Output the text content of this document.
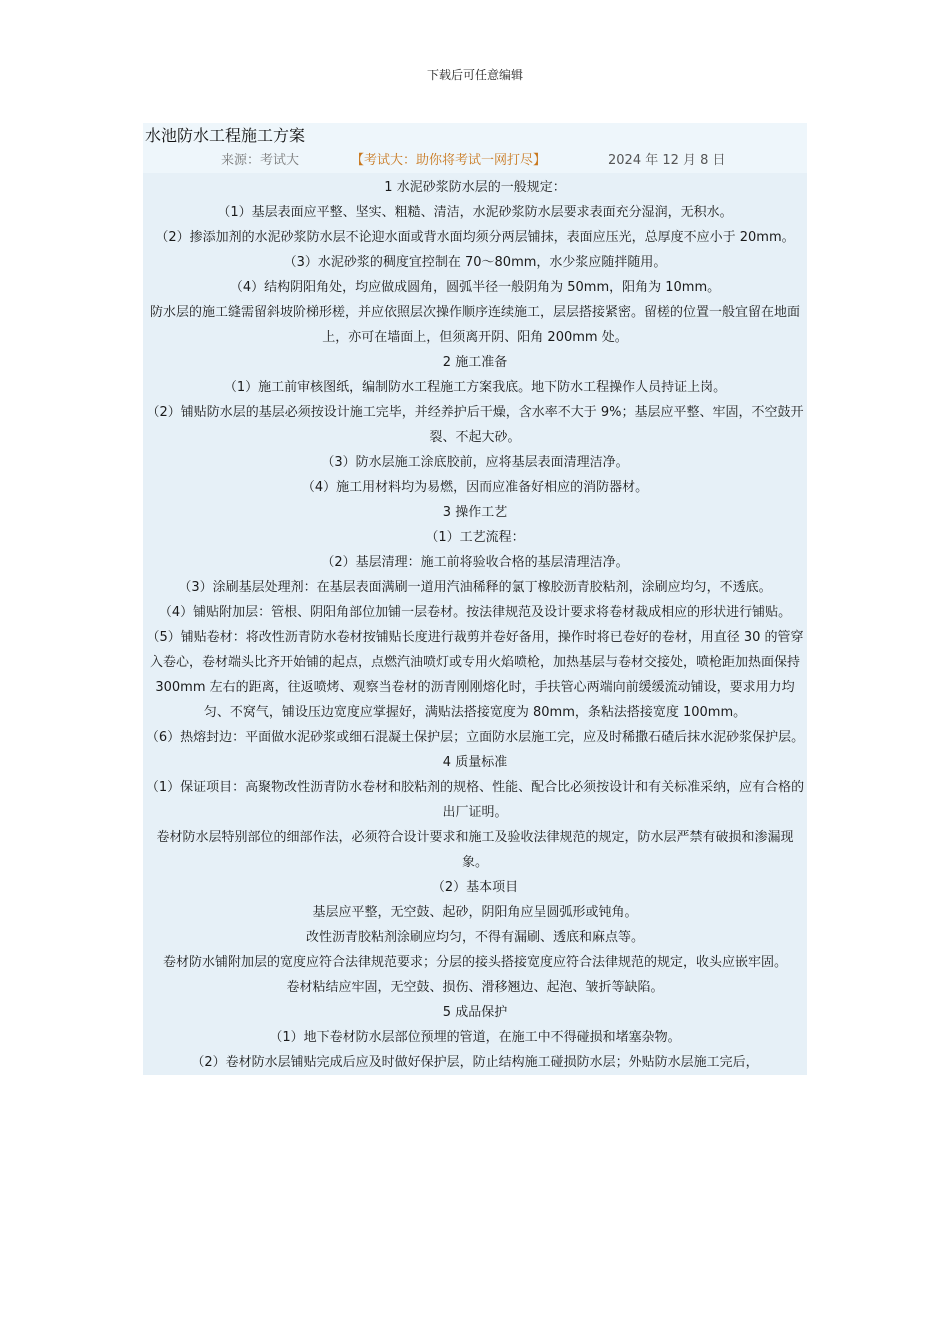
下载后可任意编辑
水池防水工程施工方案
来源：考试大	【考试大：助你将考试一网打尽】	2024 年 12 月 8 日

1 水泥砂浆防水层的一般规定：

（1）基层表面应平整、坚实、粗糙、清洁，水泥砂浆防水层要求表面充分湿润，无积水。

（2）掺添加剂的水泥砂浆防水层不论迎水面或背水面均须分两层铺抹，表面应压光，总厚度不应小于 20mm。

（3）水泥砂浆的稠度宜控制在 70～80mm，水少浆应随拌随用。

（4）结构阴阳角处，均应做成圆角，圆弧半径一般阴角为 50mm，阳角为 10mm。

防水层的施工缝需留斜坡阶梯形槎，并应依照层次操作顺序连续施工，层层搭接紧密。留槎的位置一般宜留在地面上，亦可在墙面上，但须离开阴、阳角 200mm 处。

2 施工准备

（1）施工前审核图纸，编制防水工程施工方案我底。地下防水工程操作人员持证上岗。

（2）铺贴防水层的基层必须按设计施工完毕，并经养护后干燥，含水率不大于 9%；基层应平整、牢固，不空鼓开裂、不起大砂。

（3）防水层施工涂底胶前，应将基层表面清理洁净。

（4）施工用材料均为易燃，因而应准备好相应的消防器材。

3 操作工艺

（1）工艺流程：

（2）基层清理：施工前将验收合格的基层清理洁净。

（3）涂刷基层处理剂：在基层表面满刷一道用汽油稀释的氯丁橡胶沥青胶粘剂，涂刷应均匀，不透底。

（4）铺贴附加层：管根、阴阳角部位加铺一层卷材。按法律规范及设计要求将卷材裁成相应的形状进行铺贴。

（5）铺贴卷材：将改性沥青防水卷材按铺贴长度进行裁剪并卷好备用，操作时将已卷好的卷材，用直径 30 的管穿入卷心，卷材端头比齐开始铺的起点，点燃汽油喷灯或专用火焰喷枪，加热基层与卷材交接处，喷枪距加热面保持 300mm 左右的距离，往返喷烤、观察当卷材的沥青刚刚熔化时，手扶管心两端向前缓缓流动铺设，要求用力均匀、不窝气，铺设压边宽度应掌握好，满贴法搭接宽度为 80mm，条粘法搭接宽度 100mm。

（6）热熔封边：平面做水泥砂浆或细石混凝土保护层；立面防水层施工完，应及时稀撒石碴后抹水泥砂浆保护层。

4 质量标准

（1）保证项目：高聚物改性沥青防水卷材和胶粘剂的规格、性能、配合比必须按设计和有关标准采纳，应有合格的出厂证明。

卷材防水层特别部位的细部作法，必须符合设计要求和施工及验收法律规范的规定，防水层严禁有破损和渗漏现象。

（2）基本项目

基层应平整，无空鼓、起砂，阴阳角应呈圆弧形或钝角。

改性沥青胶粘剂涂刷应均匀，不得有漏刷、透底和麻点等。

卷材防水铺附加层的宽度应符合法律规范要求；分层的接头搭接宽度应符合法律规范的规定，收头应嵌牢固。

卷材粘结应牢固，无空鼓、损伤、滑移翘边、起泡、皱折等缺陷。

5 成品保护

（1）地下卷材防水层部位预埋的管道，在施工中不得碰损和堵塞杂物。

（2）卷材防水层铺贴完成后应及时做好保护层，防止结构施工碰损防水层；外贴防水层施工完后，
